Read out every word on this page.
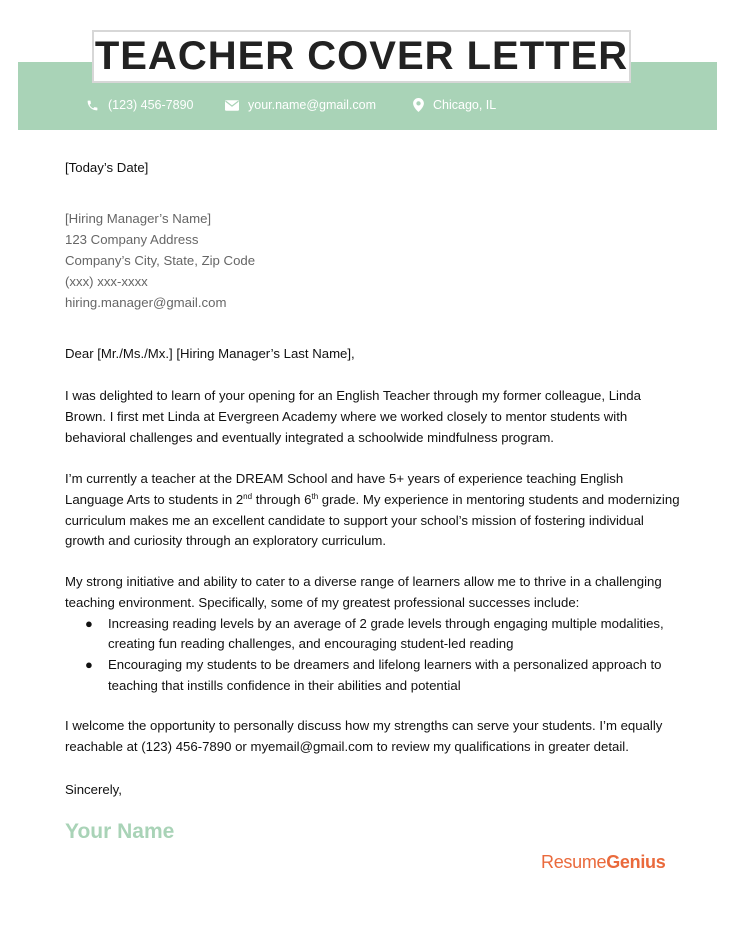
TEACHER COVER LETTER
(123) 456-7890	your.name@gmail.com	Chicago, IL
[Today’s Date]
[Hiring Manager’s Name]
123 Company Address
Company’s City, State, Zip Code
(xxx) xxx-xxxx
hiring.manager@gmail.com
Dear [Mr./Ms./Mx.] [Hiring Manager’s Last Name],
I was delighted to learn of your opening for an English Teacher through my former colleague, Linda Brown. I first met Linda at Evergreen Academy where we worked closely to mentor students with behavioral challenges and eventually integrated a schoolwide mindfulness program.
I’m currently a teacher at the DREAM School and have 5+ years of experience teaching English Language Arts to students in 2nd through 6th grade. My experience in mentoring students and modernizing curriculum makes me an excellent candidate to support your school’s mission of fostering individual growth and curiosity through an exploratory curriculum.
My strong initiative and ability to cater to a diverse range of learners allow me to thrive in a challenging teaching environment. Specifically, some of my greatest professional successes include:
● Increasing reading levels by an average of 2 grade levels through engaging multiple modalities, creating fun reading challenges, and encouraging student-led reading
● Encouraging my students to be dreamers and lifelong learners with a personalized approach to teaching that instills confidence in their abilities and potential
I welcome the opportunity to personally discuss how my strengths can serve your students. I’m equally reachable at (123) 456-7890 or myemail@gmail.com to review my qualifications in greater detail.
Sincerely,
Your Name
ResumeGenius
